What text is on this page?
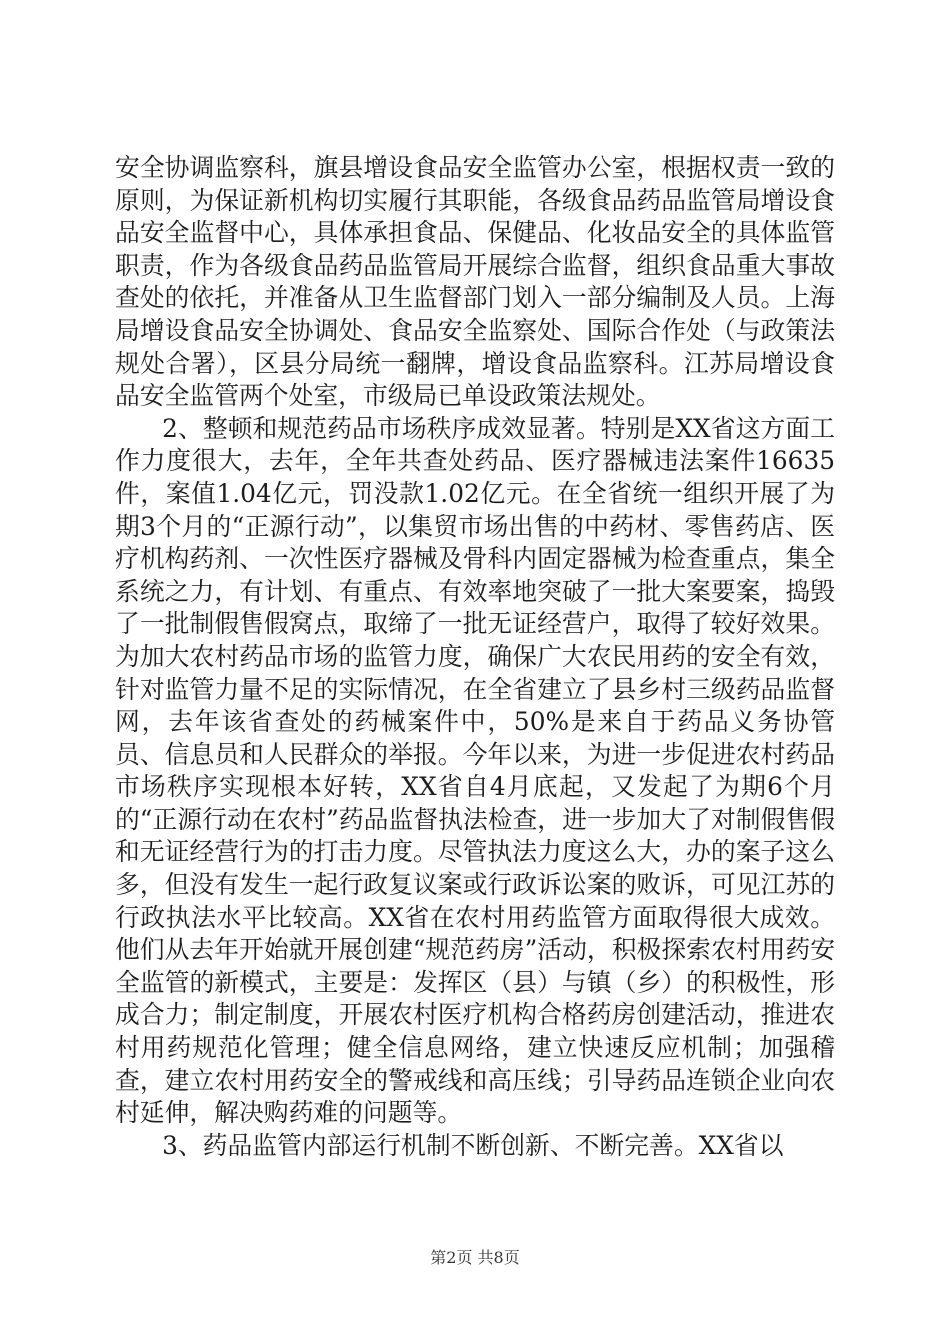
安全协调监察科，旗县增设食品安全监管办公室，根据权责一致的原则，为保证新机构切实履行其职能，各级食品药品监管局增设食品安全监督中心，具体承担食品、保健品、化妆品安全的具体监管职责，作为各级食品药品监管局开展综合监督，组织食品重大事故查处的依托，并准备从卫生监督部门划入一部分编制及人员。上海局增设食品安全协调处、食品安全监察处、国际合作处（与政策法规处合署），区县分局统一翻牌，增设食品监察科。江苏局增设食品安全监管两个处室，市级局已单设政策法规处。

2、整顿和规范药品市场秩序成效显著。特别是XX省这方面工作力度很大，去年，全年共查处药品、医疗器械违法案件16635件，案值1.04亿元，罚没款1.02亿元。在全省统一组织开展了为期3个月的“正源行动”，以集贸市场出售的中药材、零售药店、医疗机构药剂、一次性医疗器械及骨科内固定器械为检查重点，集全系统之力，有计划、有重点、有效率地突破了一批大案要案，捣毁了一批制假售假窝点，取缔了一批无证经营户，取得了较好效果。为加大农村药品市场的监管力度，确保广大农民用药的安全有效，针对监管力量不足的实际情况，在全省建立了县乡村三级药品监督网，去年该省查处的药械案件中，50%是来自于药品义务协管员、信息员和人民群众的举报。今年以来，为进一步促进农村药品市场秩序实现根本好转，XX省自4月底起，又发起了为期6个月的“正源行动在农村”药品监督执法检查，进一步加大了对制假售假和无证经营行为的打击力度。尽管执法力度这么大，办的案子这么多，但没有发生一起行政复议案或行政诉讼案的败诉，可见江苏的行政执法水平比较高。XX省在农村用药监管方面取得很大成效。他们从去年开始就开展创建“规范药房”活动，积极探索农村用药安全监管的新模式，主要是：发挥区（县）与镇（乡）的积极性，形成合力；制定制度，开展农村医疗机构合格药房创建活动，推进农村用药规范化管理；健全信息网络，建立快速反应机制；加强稽查，建立农村用药安全的警戒线和高压线；引导药品连锁企业向农村延伸，解决购药难的问题等。

3、药品监管内部运行机制不断创新、不断完善。XX省以

第2页 共8页
